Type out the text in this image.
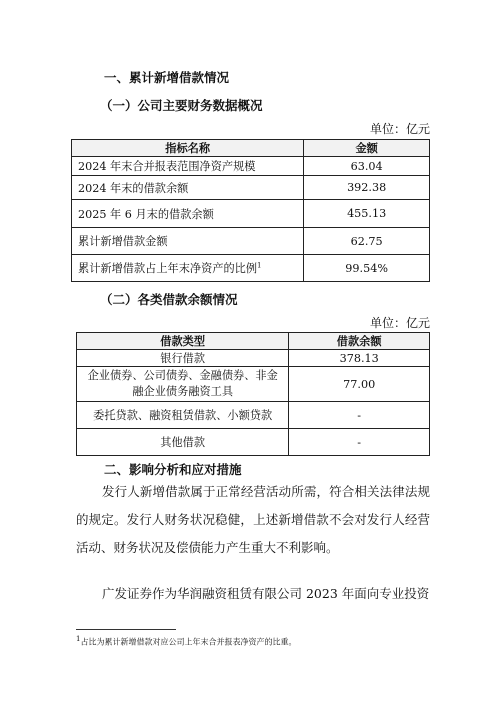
一、累计新增借款情况
（一）公司主要财务数据概况
单位：亿元
指标名称	金额
2024 年末合并报表范围净资产规模	63.04
2024 年末的借款余额	392.38
2025 年 6 月末的借款余额	455.13
累计新增借款金额	62.75
累计新增借款占上年末净资产的比例$^1$	99.54%
（二）各类借款余额情况
单位：亿元
借款类型	借款余额
银行借款	378.13
企业债券、公司债券、金融债券、非金融企业债务融资工具	77.00
委托贷款、融资租赁借款、小额贷款	-
其他借款	-
二、影响分析和应对措施
发行人新增借款属于正常经营活动所需，符合相关法律法规的规定。发行人财务状况稳健，上述新增借款不会对发行人经营活动、财务状况及偿债能力产生重大不利影响。
广发证券作为华润融资租赁有限公司 2023 年面向专业投资
$^1$占比为累计新增借款对应公司上年末合并报表净资产的比重。
